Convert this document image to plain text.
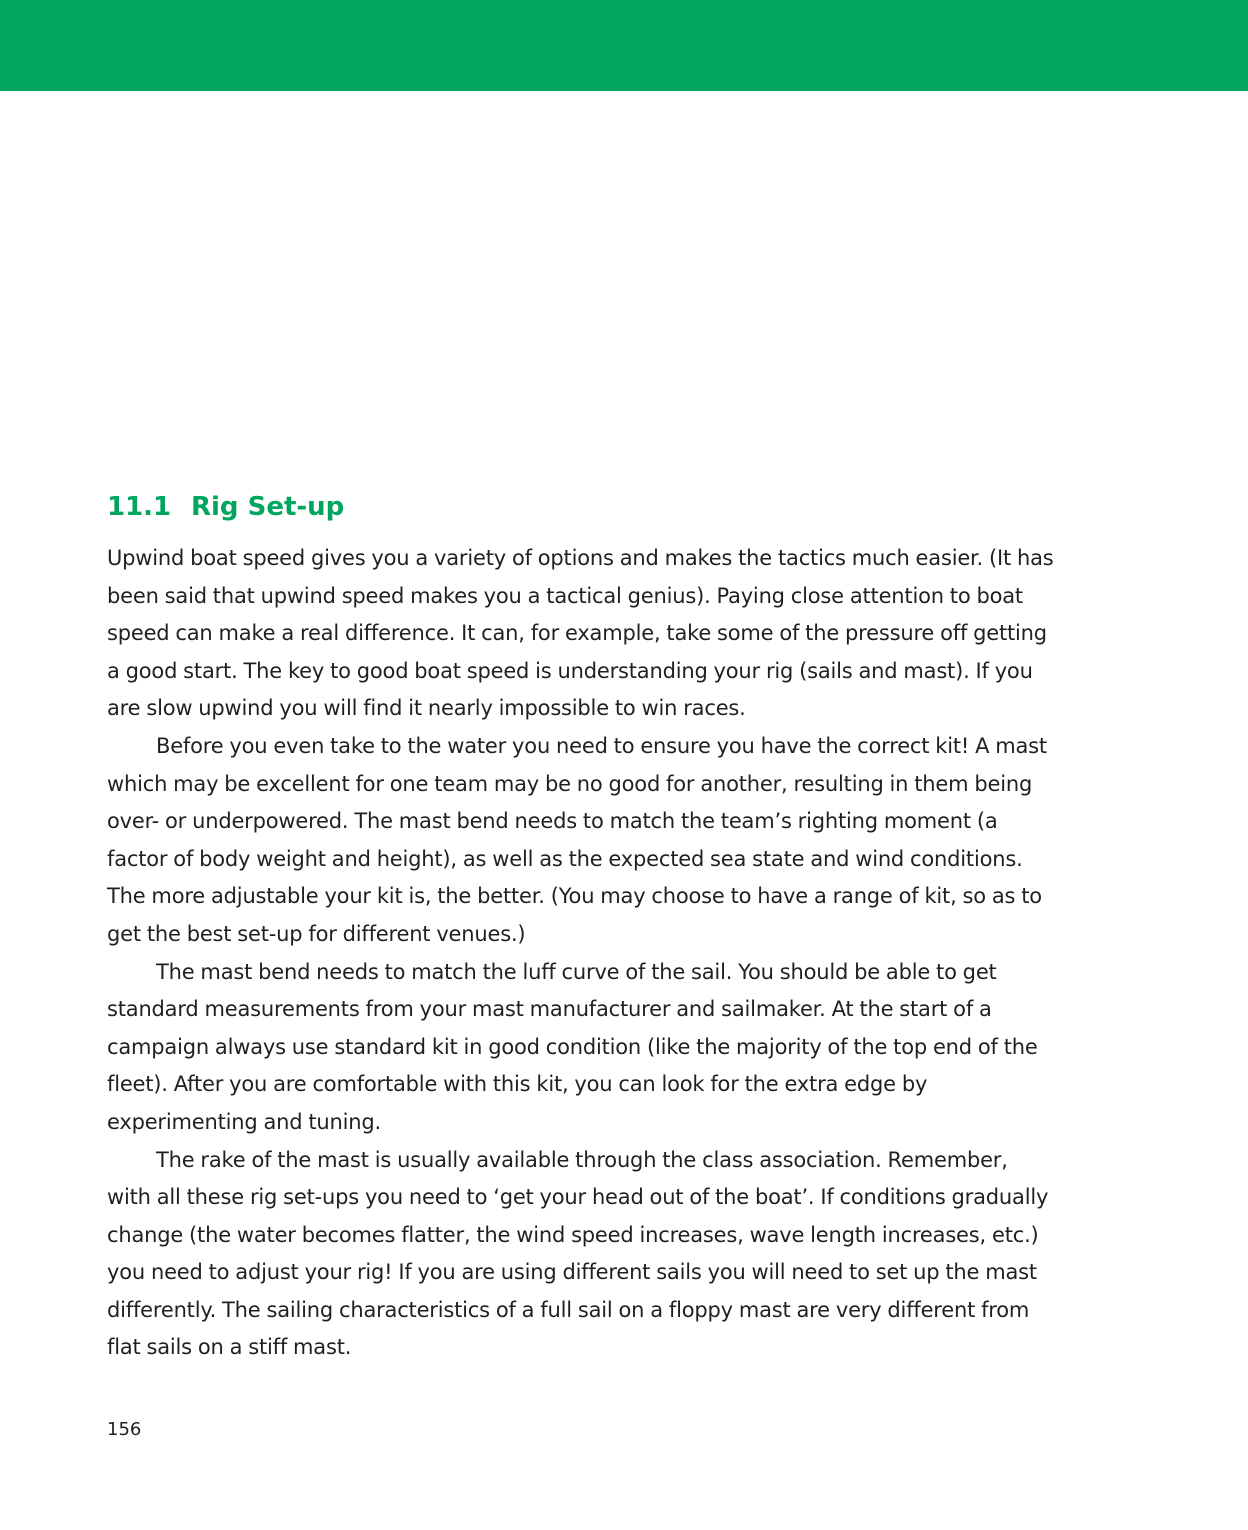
11.1 Rig Set-up

Upwind boat speed gives you a variety of options and makes the tactics much easier. (It has been said that upwind speed makes you a tactical genius). Paying close attention to boat speed can make a real difference. It can, for example, take some of the pressure off getting a good start. The key to good boat speed is understanding your rig (sails and mast). If you are slow upwind you will find it nearly impossible to win races.

Before you even take to the water you need to ensure you have the correct kit! A mast which may be excellent for one team may be no good for another, resulting in them being over- or underpowered. The mast bend needs to match the team’s righting moment (a factor of body weight and height), as well as the expected sea state and wind conditions. The more adjustable your kit is, the better. (You may choose to have a range of kit, so as to get the best set-up for different venues.)

The mast bend needs to match the luff curve of the sail. You should be able to get standard measurements from your mast manufacturer and sailmaker. At the start of a campaign always use standard kit in good condition (like the majority of the top end of the fleet). After you are comfortable with this kit, you can look for the extra edge by experimenting and tuning.

The rake of the mast is usually available through the class association. Remember, with all these rig set-ups you need to ‘get your head out of the boat’. If conditions gradually change (the water becomes flatter, the wind speed increases, wave length increases, etc.) you need to adjust your rig! If you are using different sails you will need to set up the mast differently. The sailing characteristics of a full sail on a floppy mast are very different from flat sails on a stiff mast.

156
